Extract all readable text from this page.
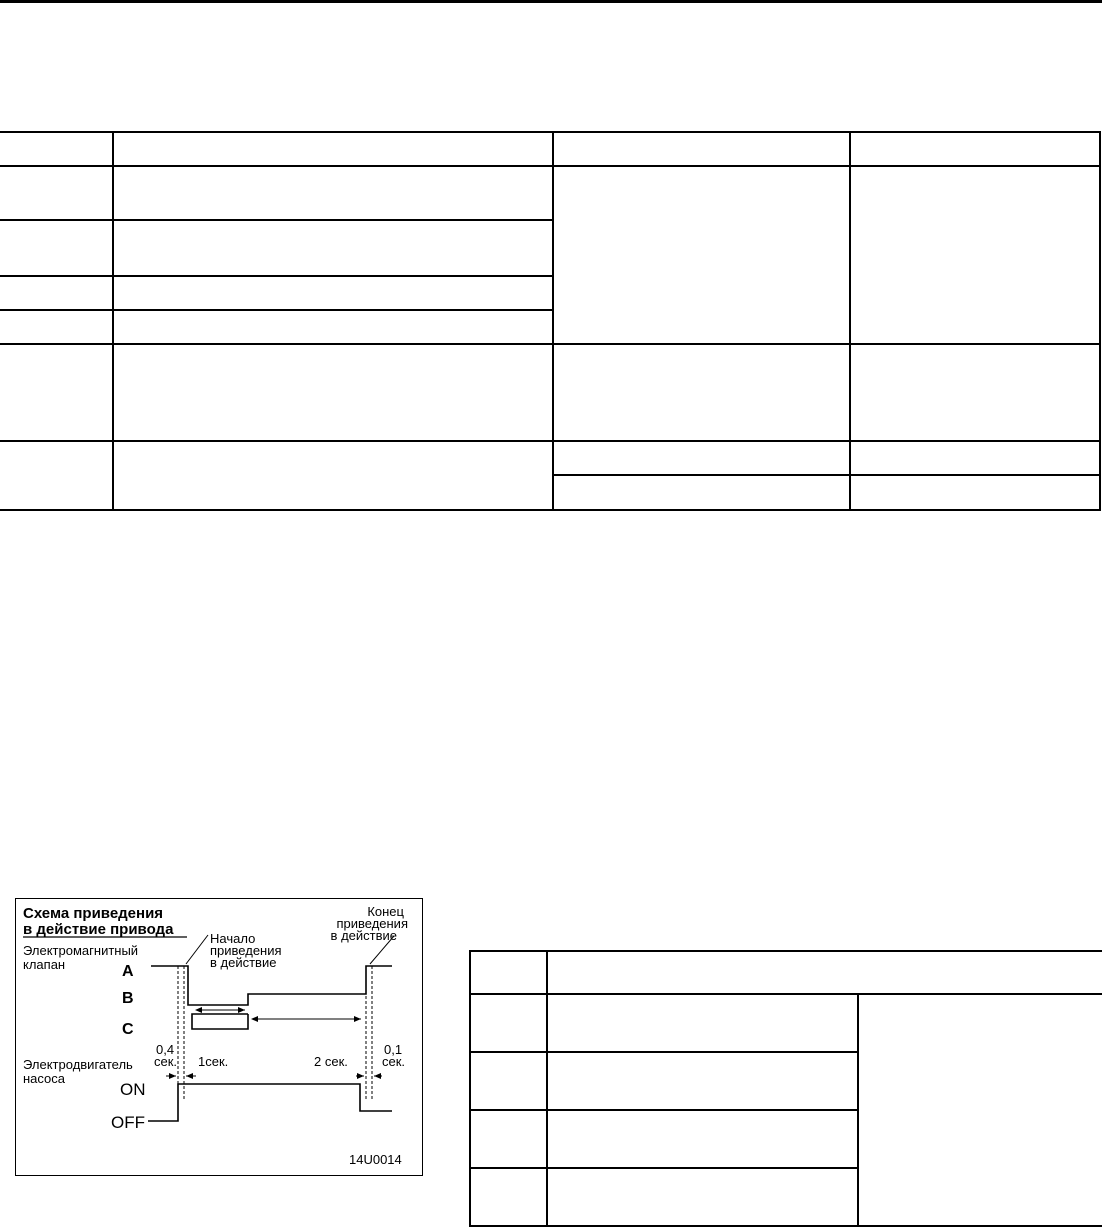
Схема приведения
в действие привода
Электромагнитный
клапан	A
B
C
Начало
приведения
в действие
Конец
приведения
в действие
0,4
сек. 1сек.	2 сек.
0,1
сек.
Электродвигатель
насоса
ON
OFF
14U0014
